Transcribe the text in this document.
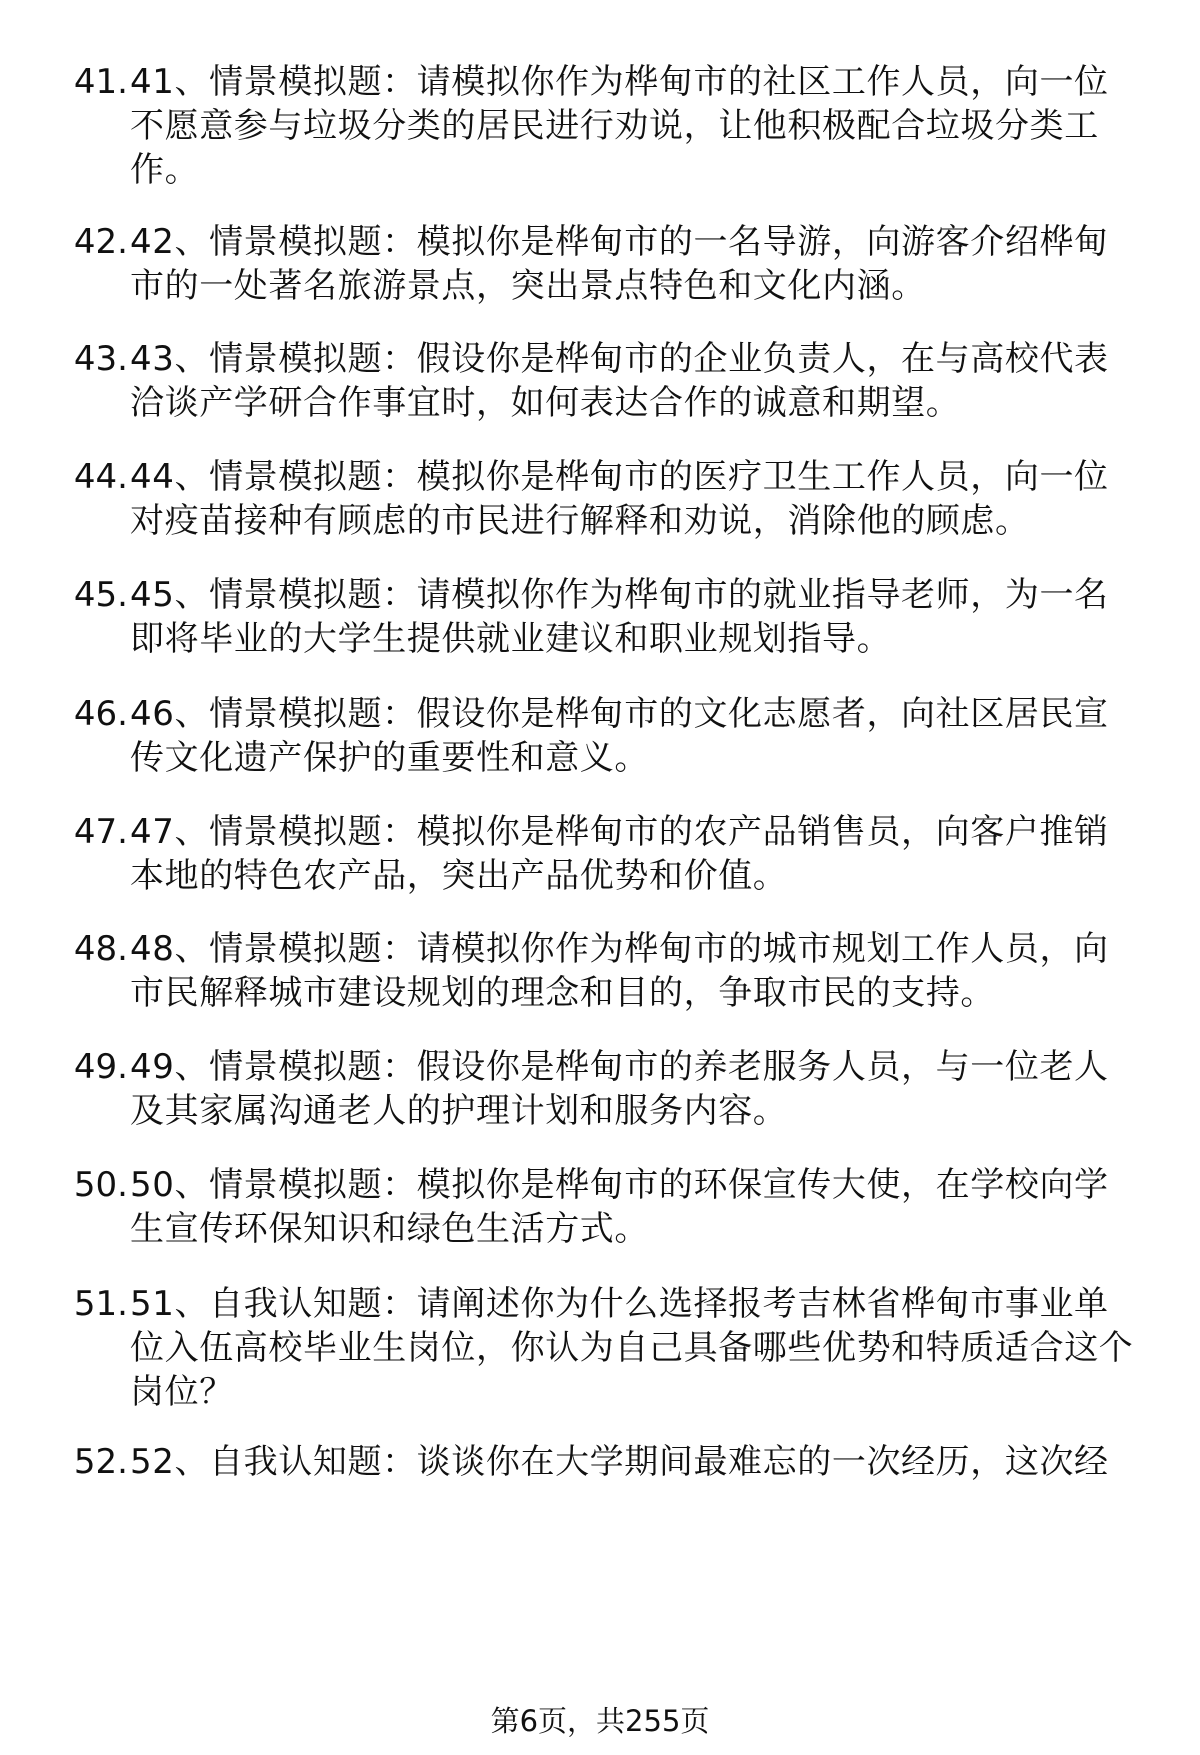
41. 41、情景模拟题：请模拟你作为桦甸市的社区工作人员，向一位不愿意参与垃圾分类的居民进行劝说，让他积极配合垃圾分类工作。
42. 42、情景模拟题：模拟你是桦甸市的一名导游，向游客介绍桦甸市的一处著名旅游景点，突出景点特色和文化内涵。
43. 43、情景模拟题：假设你是桦甸市的企业负责人，在与高校代表洽谈产学研合作事宜时，如何表达合作的诚意和期望。
44. 44、情景模拟题：模拟你是桦甸市的医疗卫生工作人员，向一位对疫苗接种有顾虑的市民进行解释和劝说，消除他的顾虑。
45. 45、情景模拟题：请模拟你作为桦甸市的就业指导老师，为一名即将毕业的大学生提供就业建议和职业规划指导。
46. 46、情景模拟题：假设你是桦甸市的文化志愿者，向社区居民宣传文化遗产保护的重要性和意义。
47. 47、情景模拟题：模拟你是桦甸市的农产品销售员，向客户推销本地的特色农产品，突出产品优势和价值。
48. 48、情景模拟题：请模拟你作为桦甸市的城市规划工作人员，向市民解释城市建设规划的理念和目的，争取市民的支持。
49. 49、情景模拟题：假设你是桦甸市的养老服务人员，与一位老人及其家属沟通老人的护理计划和服务内容。
50. 50、情景模拟题：模拟你是桦甸市的环保宣传大使，在学校向学生宣传环保知识和绿色生活方式。
51. 51、自我认知题：请阐述你为什么选择报考吉林省桦甸市事业单位入伍高校毕业生岗位，你认为自己具备哪些优势和特质适合这个岗位？
52. 52、自我认知题：谈谈你在大学期间最难忘的一次经历，这次经
第6页，共255页
